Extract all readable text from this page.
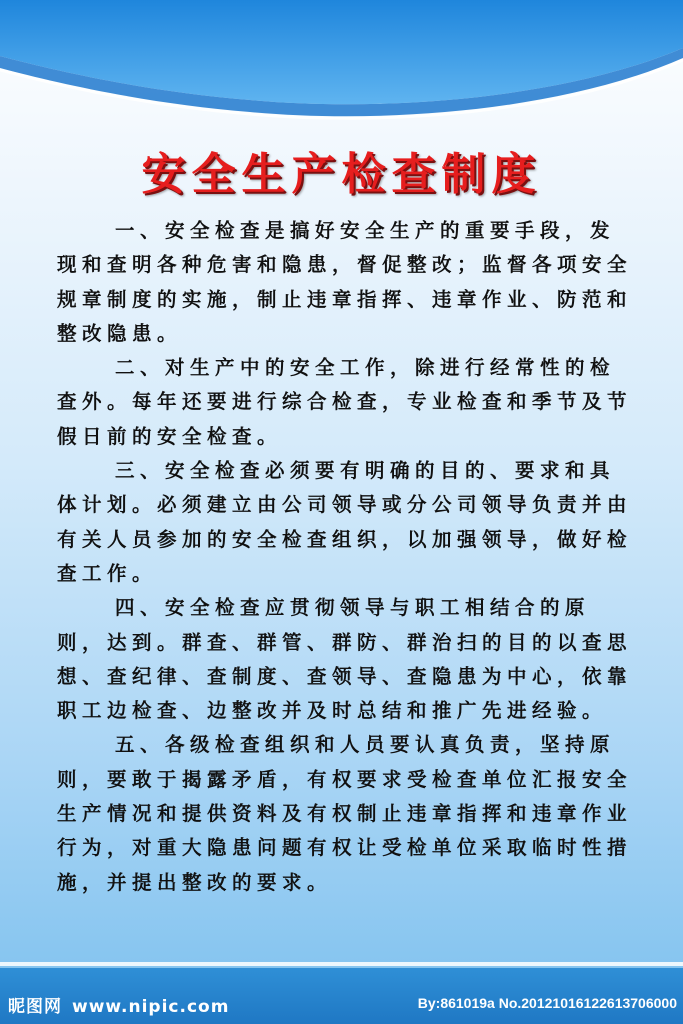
安全生产检查制度

一、安全检查是搞好安全生产的重要手段，发现和查明各种危害和隐患，督促整改；监督各项安全规章制度的实施，制止违章指挥、违章作业、防范和整改隐患。

二、对生产中的安全工作，除进行经常性的检查外。每年还要进行综合检查，专业检查和季节及节假日前的安全检查。

三、安全检查必须要有明确的目的、要求和具体计划。必须建立由公司领导或分公司领导负责并由有关人员参加的安全检查组织，以加强领导，做好检查工作。

四、安全检查应贯彻领导与职工相结合的原则，达到。群查、群管、群防、群治扫的目的以查思想、查纪律、查制度、查领导、查隐患为中心，依靠职工边检查、边整改并及时总结和推广先进经验。

五、各级检查组织和人员要认真负责，坚持原则，要敢于揭露矛盾，有权要求受检查单位汇报安全生产情况和提供资料及有权制止违章指挥和违章作业行为，对重大隐患问题有权让受检单位采取临时性措施，并提出整改的要求。

昵图网 www.nipic.com	By:861019a No.20121016122613706000
